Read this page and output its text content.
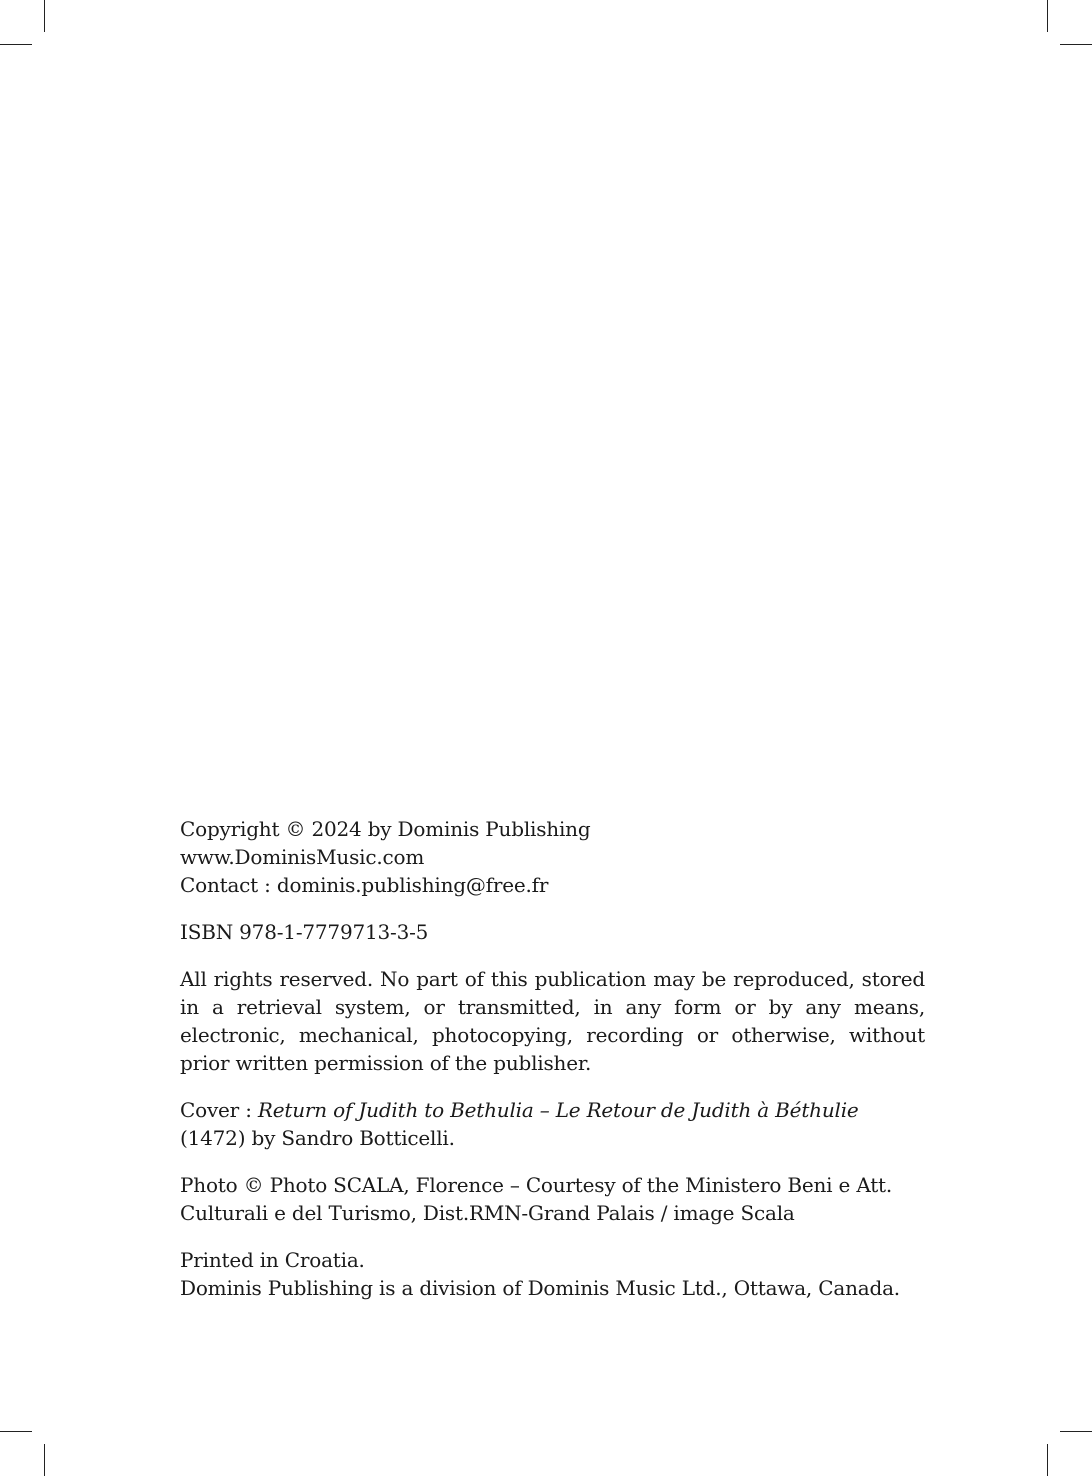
Copyright © 2024 by Dominis Publishing
www.DominisMusic.com
Contact : dominis.publishing@free.fr

ISBN 978-1-7779713-3-5

All rights reserved. No part of this publication may be reproduced, stored in a retrieval system, or transmitted, in any form or by any means, electronic, mechanical, photocopying, recording or otherwise, without prior written permission of the publisher.

Cover : Return of Judith to Bethulia – Le Retour de Judith à Béthulie
(1472) by Sandro Botticelli.

Photo © Photo SCALA, Florence – Courtesy of the Ministero Beni e Att.
Culturali e del Turismo, Dist.RMN-Grand Palais / image Scala

Printed in Croatia.
Dominis Publishing is a division of Dominis Music Ltd., Ottawa, Canada.
